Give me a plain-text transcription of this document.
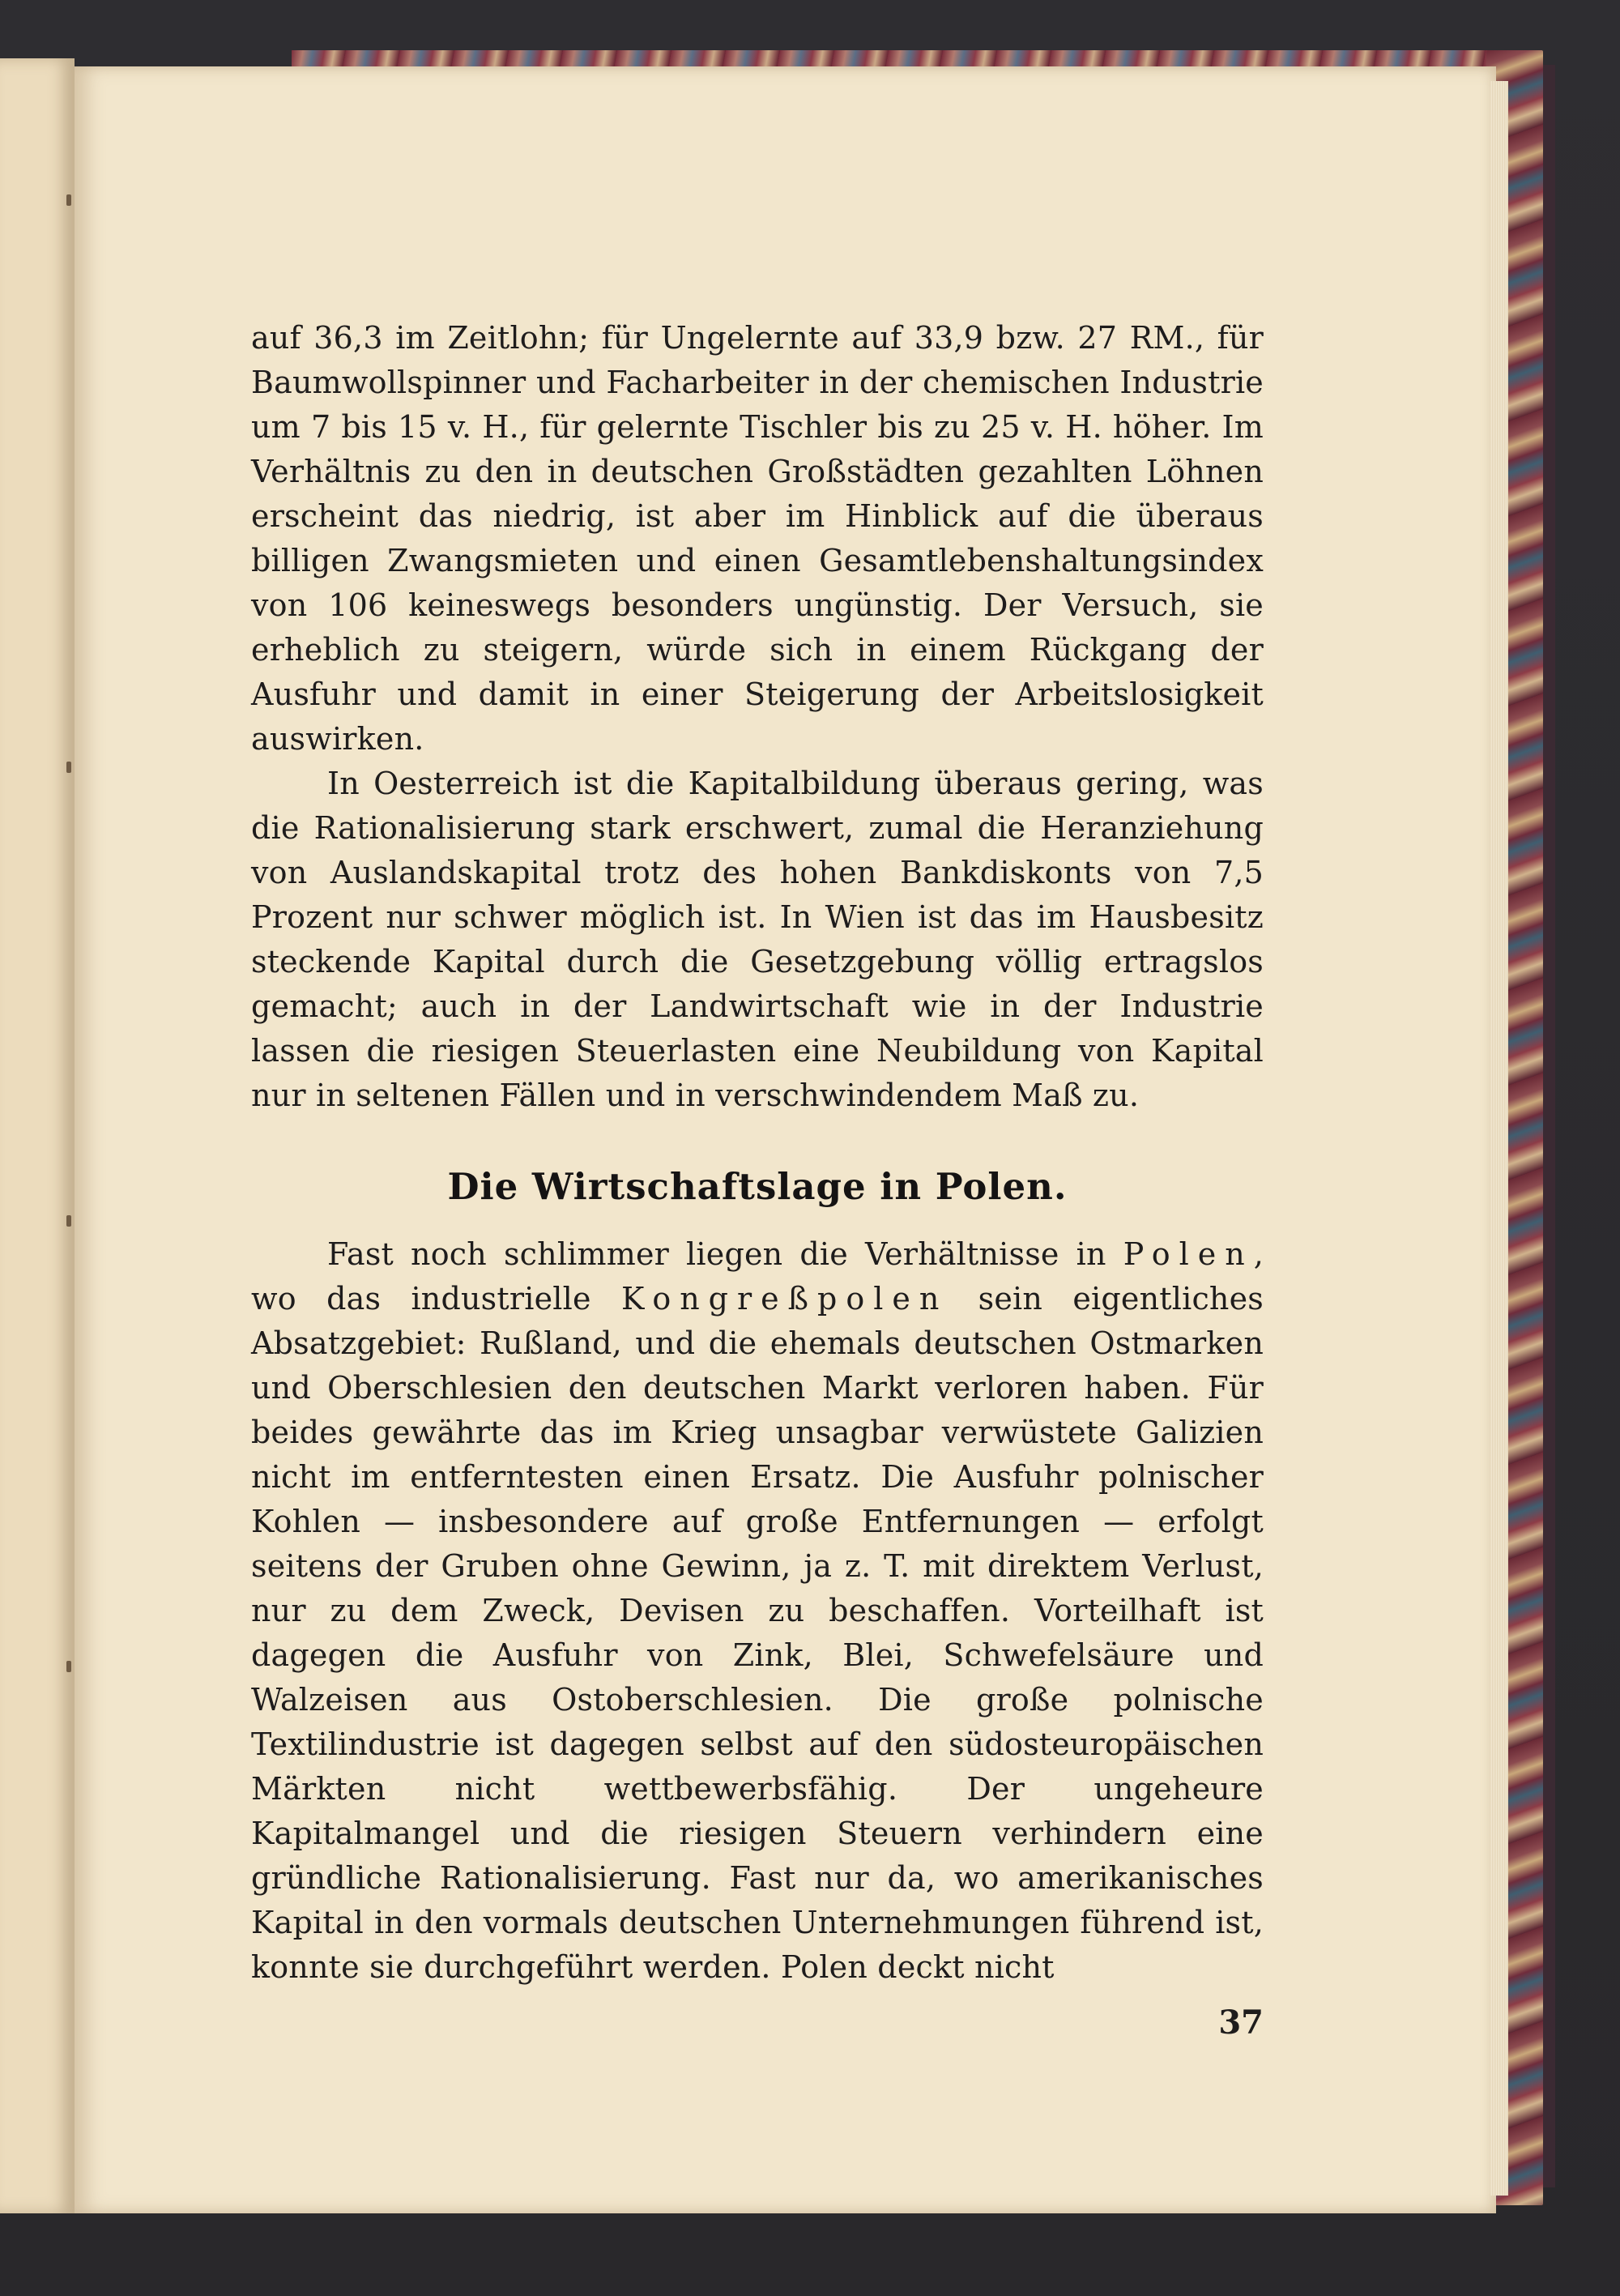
auf 36,3 im Zeitlohn; für Ungelernte auf 33,9 bzw. 27 RM., für Baumwollspinner und Facharbeiter in der chemischen Industrie um 7 bis 15 v. H., für gelernte Tischler bis zu 25 v. H. höher. Im Verhältnis zu den in deutschen Großstädten gezahlten Löhnen erscheint das niedrig, ist aber im Hinblick auf die überaus billigen Zwangsmieten und einen Gesamtlebenshaltungsindex von 106 keineswegs besonders ungünstig. Der Versuch, sie erheblich zu steigern, würde sich in einem Rückgang der Ausfuhr und damit in einer Steigerung der Arbeitslosigkeit auswirken.

In Oesterreich ist die Kapitalbildung überaus gering, was die Rationalisierung stark erschwert, zumal die Heranziehung von Auslandskapital trotz des hohen Bankdiskonts von 7,5 Prozent nur schwer möglich ist. In Wien ist das im Hausbesitz steckende Kapital durch die Gesetzgebung völlig ertragslos gemacht; auch in der Landwirtschaft wie in der Industrie lassen die riesigen Steuerlasten eine Neubildung von Kapital nur in seltenen Fällen und in verschwindendem Maß zu.

Die Wirtschaftslage in Polen.

Fast noch schlimmer liegen die Verhältnisse in Polen, wo das industrielle Kongreßpolen sein eigentliches Absatzgebiet: Rußland, und die ehemals deutschen Ostmarken und Oberschlesien den deutschen Markt verloren haben. Für beides gewährte das im Krieg unsagbar verwüstete Galizien nicht im entferntesten einen Ersatz. Die Ausfuhr polnischer Kohlen — insbesondere auf große Entfernungen — erfolgt seitens der Gruben ohne Gewinn, ja z. T. mit direktem Verlust, nur zu dem Zweck, Devisen zu beschaffen. Vorteilhaft ist dagegen die Ausfuhr von Zink, Blei, Schwefelsäure und Walzeisen aus Ostoberschlesien. Die große polnische Textilindustrie ist dagegen selbst auf den südosteuropäischen Märkten nicht wettbewerbsfähig. Der ungeheure Kapitalmangel und die riesigen Steuern verhindern eine gründliche Rationalisierung. Fast nur da, wo amerikanisches Kapital in den vormals deutschen Unternehmungen führend ist, konnte sie durchgeführt werden. Polen deckt nicht

37
